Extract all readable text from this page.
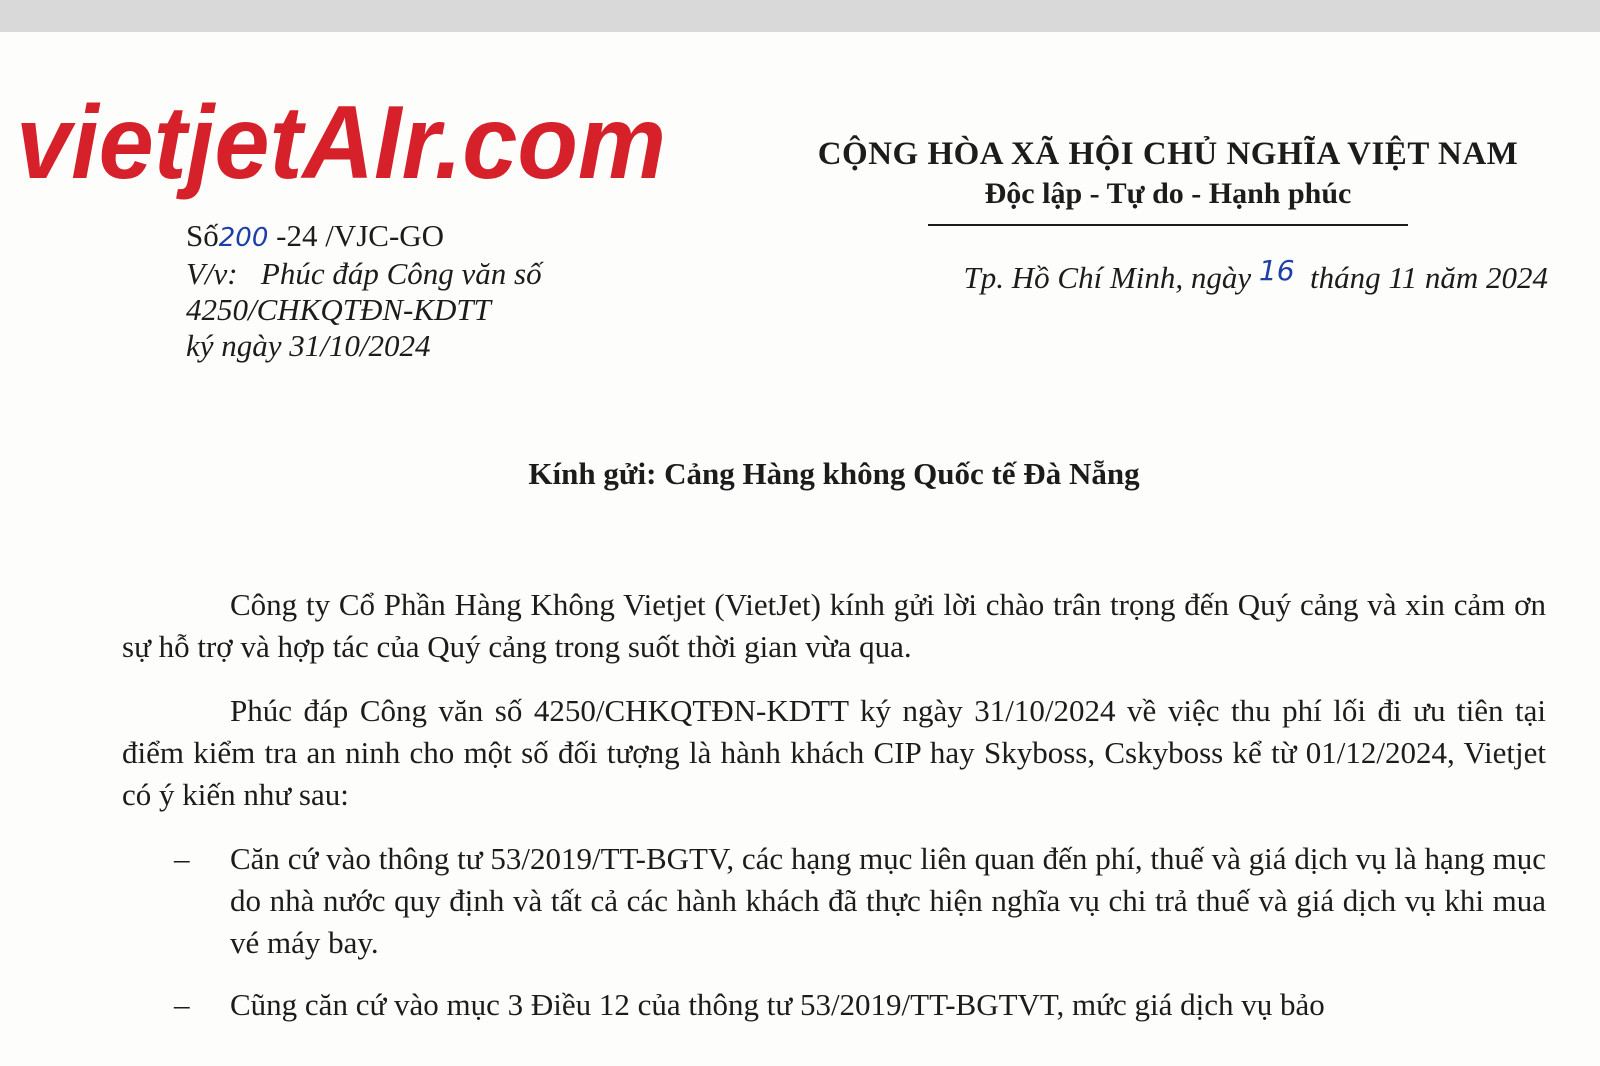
vietjetAIr.com
Số200 -24 /VJC-GO
V/v: Phúc đáp Công văn số
4250/CHKQTĐN-KDTT
ký ngày 31/10/2024
CỘNG HÒA XÃ HỘI CHỦ NGHĨA VIỆT NAM
Độc lập - Tự do - Hạnh phúc
Tp. Hồ Chí Minh, ngày 16 tháng 11 năm 2024
Kính gửi: Cảng Hàng không Quốc tế Đà Nẵng

Công ty Cổ Phần Hàng Không Vietjet (VietJet) kính gửi lời chào trân trọng đến Quý cảng và xin cảm ơn sự hỗ trợ và hợp tác của Quý cảng trong suốt thời gian vừa qua.

Phúc đáp Công văn số 4250/CHKQTĐN-KDTT ký ngày 31/10/2024 về việc thu phí lối đi ưu tiên tại điểm kiểm tra an ninh cho một số đối tượng là hành khách CIP hay Skyboss, Cskyboss kể từ 01/12/2024, Vietjet có ý kiến như sau:

– Căn cứ vào thông tư 53/2019/TT-BGTV, các hạng mục liên quan đến phí, thuế và giá dịch vụ là hạng mục do nhà nước quy định và tất cả các hành khách đã thực hiện nghĩa vụ chi trả thuế và giá dịch vụ khi mua vé máy bay.

– Cũng căn cứ vào mục 3 Điều 12 của thông tư 53/2019/TT-BGTVT, mức giá dịch vụ bảo
